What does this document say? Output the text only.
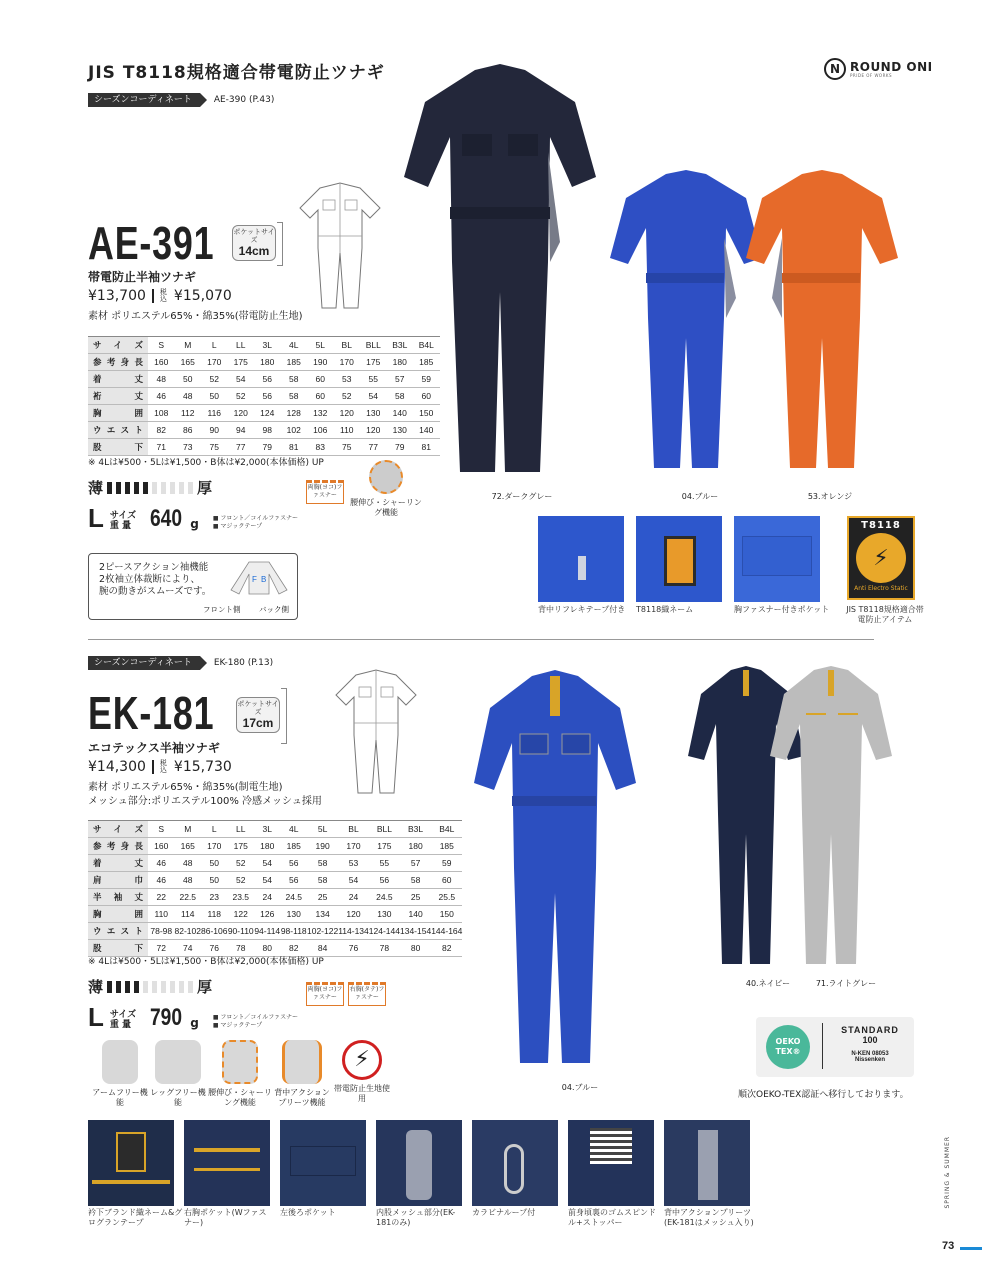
JIS T8118規格適合帯電防止ツナギ	N ROUND ONI
PRIDE OF WORKS
シーズンコーディネート	AE-390 (P.43)
AE-391
帯電防止半袖ツナギ
¥13,700 税込 ¥15,070
素材 ポリエステル65%・綿35%(帯電防止生地)
ポケットサイズ
14cm
サイズ	S	M	L	LL	3L	4L	5L	BL	BLL	B3L	B4L
参考身長	160	165	170	175	180	185	190	170	175	180	185
着丈	48	50	52	54	56	58	60	53	55	57	59
裄丈	46	48	50	52	56	58	60	52	54	58	60
胸囲	108	112	116	120	124	128	132	120	130	140	150
ウエスト	82	86	90	94	98	102	106	110	120	130	140
股下	71	73	75	77	79	81	83	75	77	79	81
※ 4Lは¥500・5Lは¥1,500・B体は¥2,000(本体価格) UP
薄	厚
L サイズ
重 量 640 g ■ フロント／コイルファスナー
■ マジックテープ
両胸(ヨコ)ファスナー
腰伸び・シャーリング機能
2ピースアクション袖機能
2枚袖立体裁断により、
腕の動きがスムーズです。
F B
フロント側 バック側
72.ダークグレー	04.ブルー	53.オレンジ
T8118
⚡
Anti Electro Static
背中リフレキテープ付き T8118織ネーム	胸ファスナー付きポケット JIS T8118規格適合帯電防止アイテム
シーズンコーディネート	EK-180 (P.13)
EK-181
エコテックス半袖ツナギ
¥14,300 税込 ¥15,730
素材 ポリエステル65%・綿35%(制電生地)
メッシュ部分:ポリエステル100% 冷感メッシュ採用
ポケットサイズ
17cm
サイズ	S	M	L	LL	3L	4L	5L	BL	BLL	B3L	B4L
参考身長	160	165	170	175	180	185	190	170	175	180	185
着丈	46	48	50	52	54	56	58	53	55	57	59
肩巾	46	48	50	52	54	56	58	54	56	58	60
半袖丈	22	22.5	23	23.5	24	24.5	25	24	24.5	25	25.5
胸囲	110	114	118	122	126	130	134	120	130	140	150
ウエスト	78-98	82-102	86-106	90-110	94-114	98-118	102-122	114-134	124-144	134-154	144-164
股下	72	74	76	78	80	82	84	76	78	80	82
※ 4Lは¥500・5Lは¥1,500・B体は¥2,000(本体価格) UP
薄	厚
L サイズ
重 量 790 g ■ フロント／コイルファスナー
■ マジックテープ
両胸(ヨコ)ファスナー
右胸(タテ)ファスナー
アームフリー機能
レッグフリー機能
腰伸び・シャーリング機能
背中アクションプリーツ機能
⚡
帯電防止生地使用
04.ブルー
40.ネイビー	71.ライトグレー
OEKO
TEX®
STANDARD
100
N-KEN 08053
Nissenken
順次OEKO-TEX認証へ移行しております。
衿下ブランド織ネーム&グログランテープ
右胸ポケット(Wファスナー)
左後ろポケット	内股メッシュ部分(EK-181のみ)
カラビナループ付	前身頃裏のゴムスピンドル+ストッパー
背中アクションプリーツ(EK-181はメッシュ入り)
SPRING & SUMMER
73
